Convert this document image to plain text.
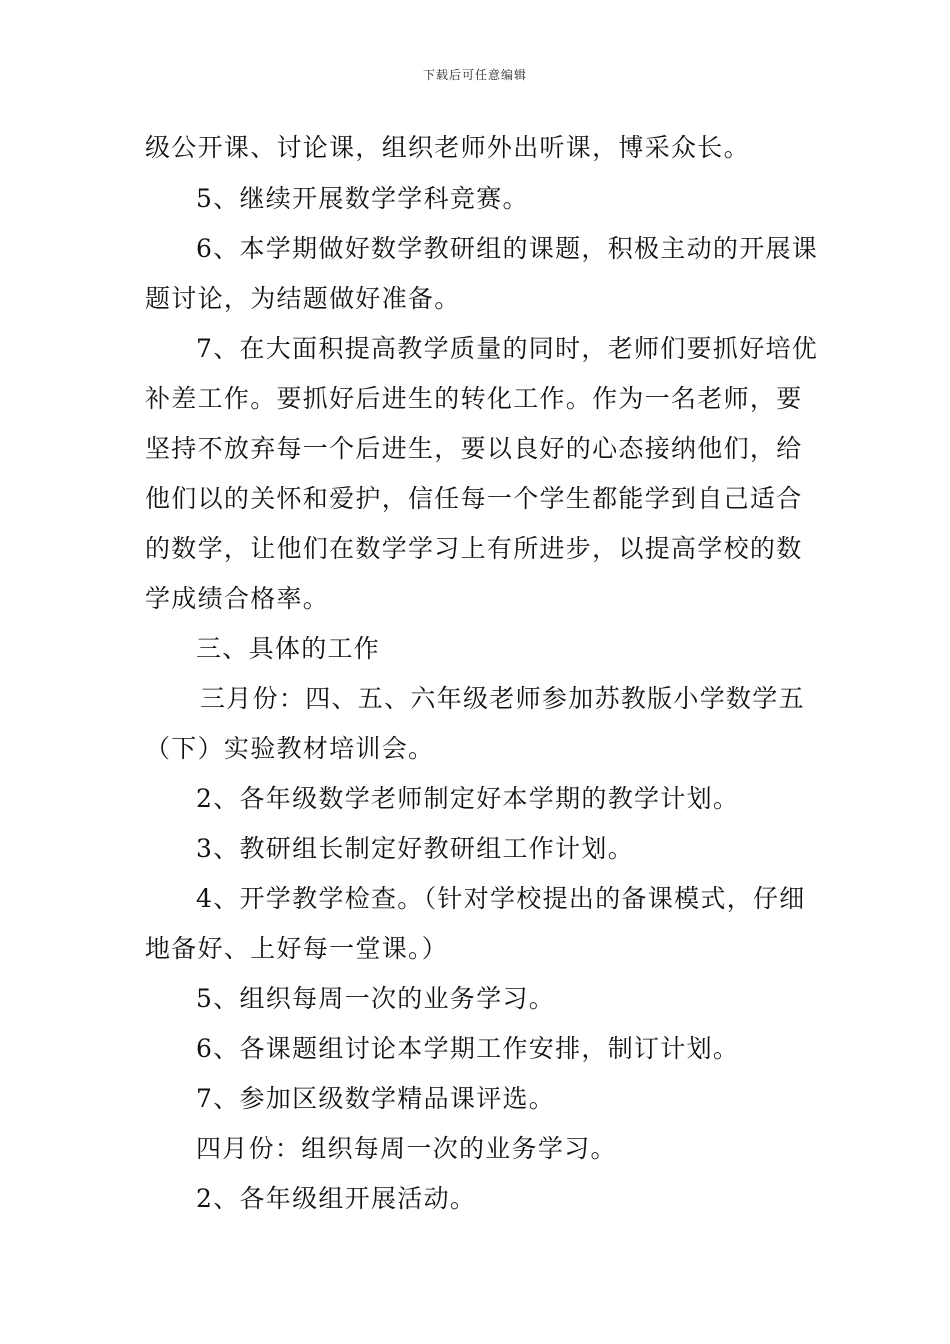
下载后可任意编辑
级公开课、讨论课，组织老师外出听课，博采众长。
5、继续开展数学学科竞赛。
6、本学期做好数学教研组的课题，积极主动的开展课
题讨论，为结题做好准备。
7、在大面积提高教学质量的同时，老师们要抓好培优
补差工作。要抓好后进生的转化工作。作为一名老师，要
坚持不放弃每一个后进生，要以良好的心态接纳他们，给
他们以的关怀和爱护，信任每一个学生都能学到自己适合
的数学，让他们在数学学习上有所进步，以提高学校的数
学成绩合格率。
三、具体的工作
三月份：四、五、六年级老师参加苏教版小学数学五
（下）实验教材培训会。
2、各年级数学老师制定好本学期的教学计划。
3、教研组长制定好教研组工作计划。
4、开学教学检查。（针对学校提出的备课模式，仔细
地备好、上好每一堂课。）
5、组织每周一次的业务学习。
6、各课题组讨论本学期工作安排，制订计划。
7、参加区级数学精品课评选。
四月份：组织每周一次的业务学习。
2、各年级组开展活动。
